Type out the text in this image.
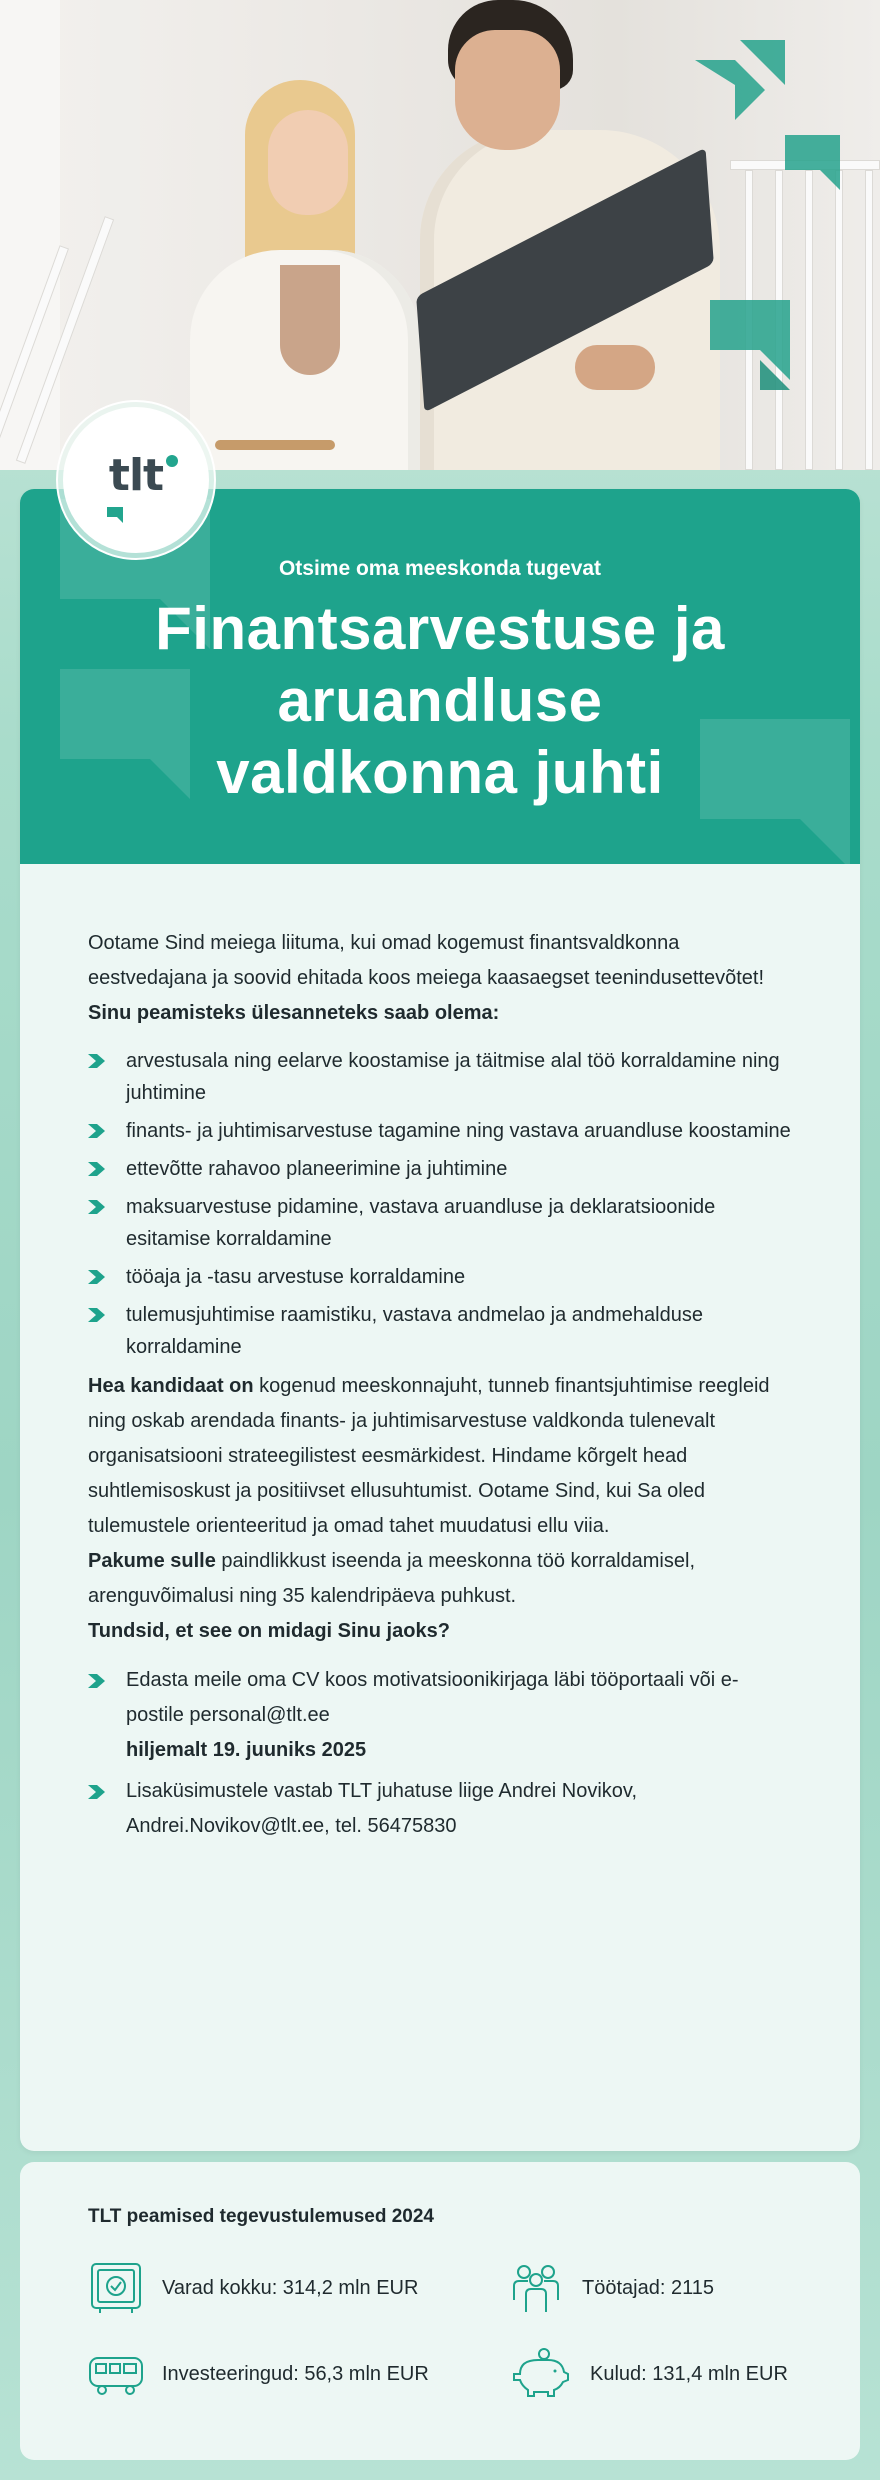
tlt
Otsime oma meeskonda tugevat
Finantsarvestuse ja
aruandluse
valdkonna juhti

Ootame Sind meiega liituma, kui omad kogemust finantsvaldkonna eestvedajana ja soovid ehitada koos meiega kaasaegset teenindusettevõtet!

Sinu peamisteks ülesanneteks saab olema:

arvestusala ning eelarve koostamise ja täitmise alal töö korraldamine ning juhtimine
finants- ja juhtimisarvestuse tagamine ning vastava aruandluse koostamine
ettevõtte rahavoo planeerimine ja juhtimine
maksuarvestuse pidamine, vastava aruandluse ja deklaratsioonide esitamise korraldamine
tööaja ja -tasu arvestuse korraldamine
tulemusjuhtimise raamistiku, vastava andmelao ja andmehalduse korraldamine

Hea kandidaat on kogenud meeskonnajuht, tunneb finantsjuhtimise reegleid ning oskab arendada finants- ja juhtimisarvestuse valdkonda tulenevalt organisatsiooni strateegilistest eesmärkidest. Hindame kõrgelt head suhtlemisoskust ja positiivset ellusuhtumist. Ootame Sind, kui Sa oled tulemustele orienteeritud ja omad tahet muudatusi ellu viia.

Pakume sulle paindlikkust iseenda ja meeskonna töö korraldamisel, arenguvõimalusi ning 35 kalendripäeva puhkust.

Tundsid, et see on midagi Sinu jaoks?

Edasta meile oma CV koos motivatsioonikirjaga läbi tööportaali või e-postile personal@tlt.ee
hiljemalt 19. juuniks 2025
Lisaküsimustele vastab TLT juhatuse liige Andrei Novikov, Andrei.Novikov@tlt.ee, tel. 56475830
TLT peamised tegevustulemused 2024
Varad kokku: 314,2 mln EUR	Töötajad: 2115
Investeeringud: 56,3 mln EUR	Kulud: 131,4 mln EUR
